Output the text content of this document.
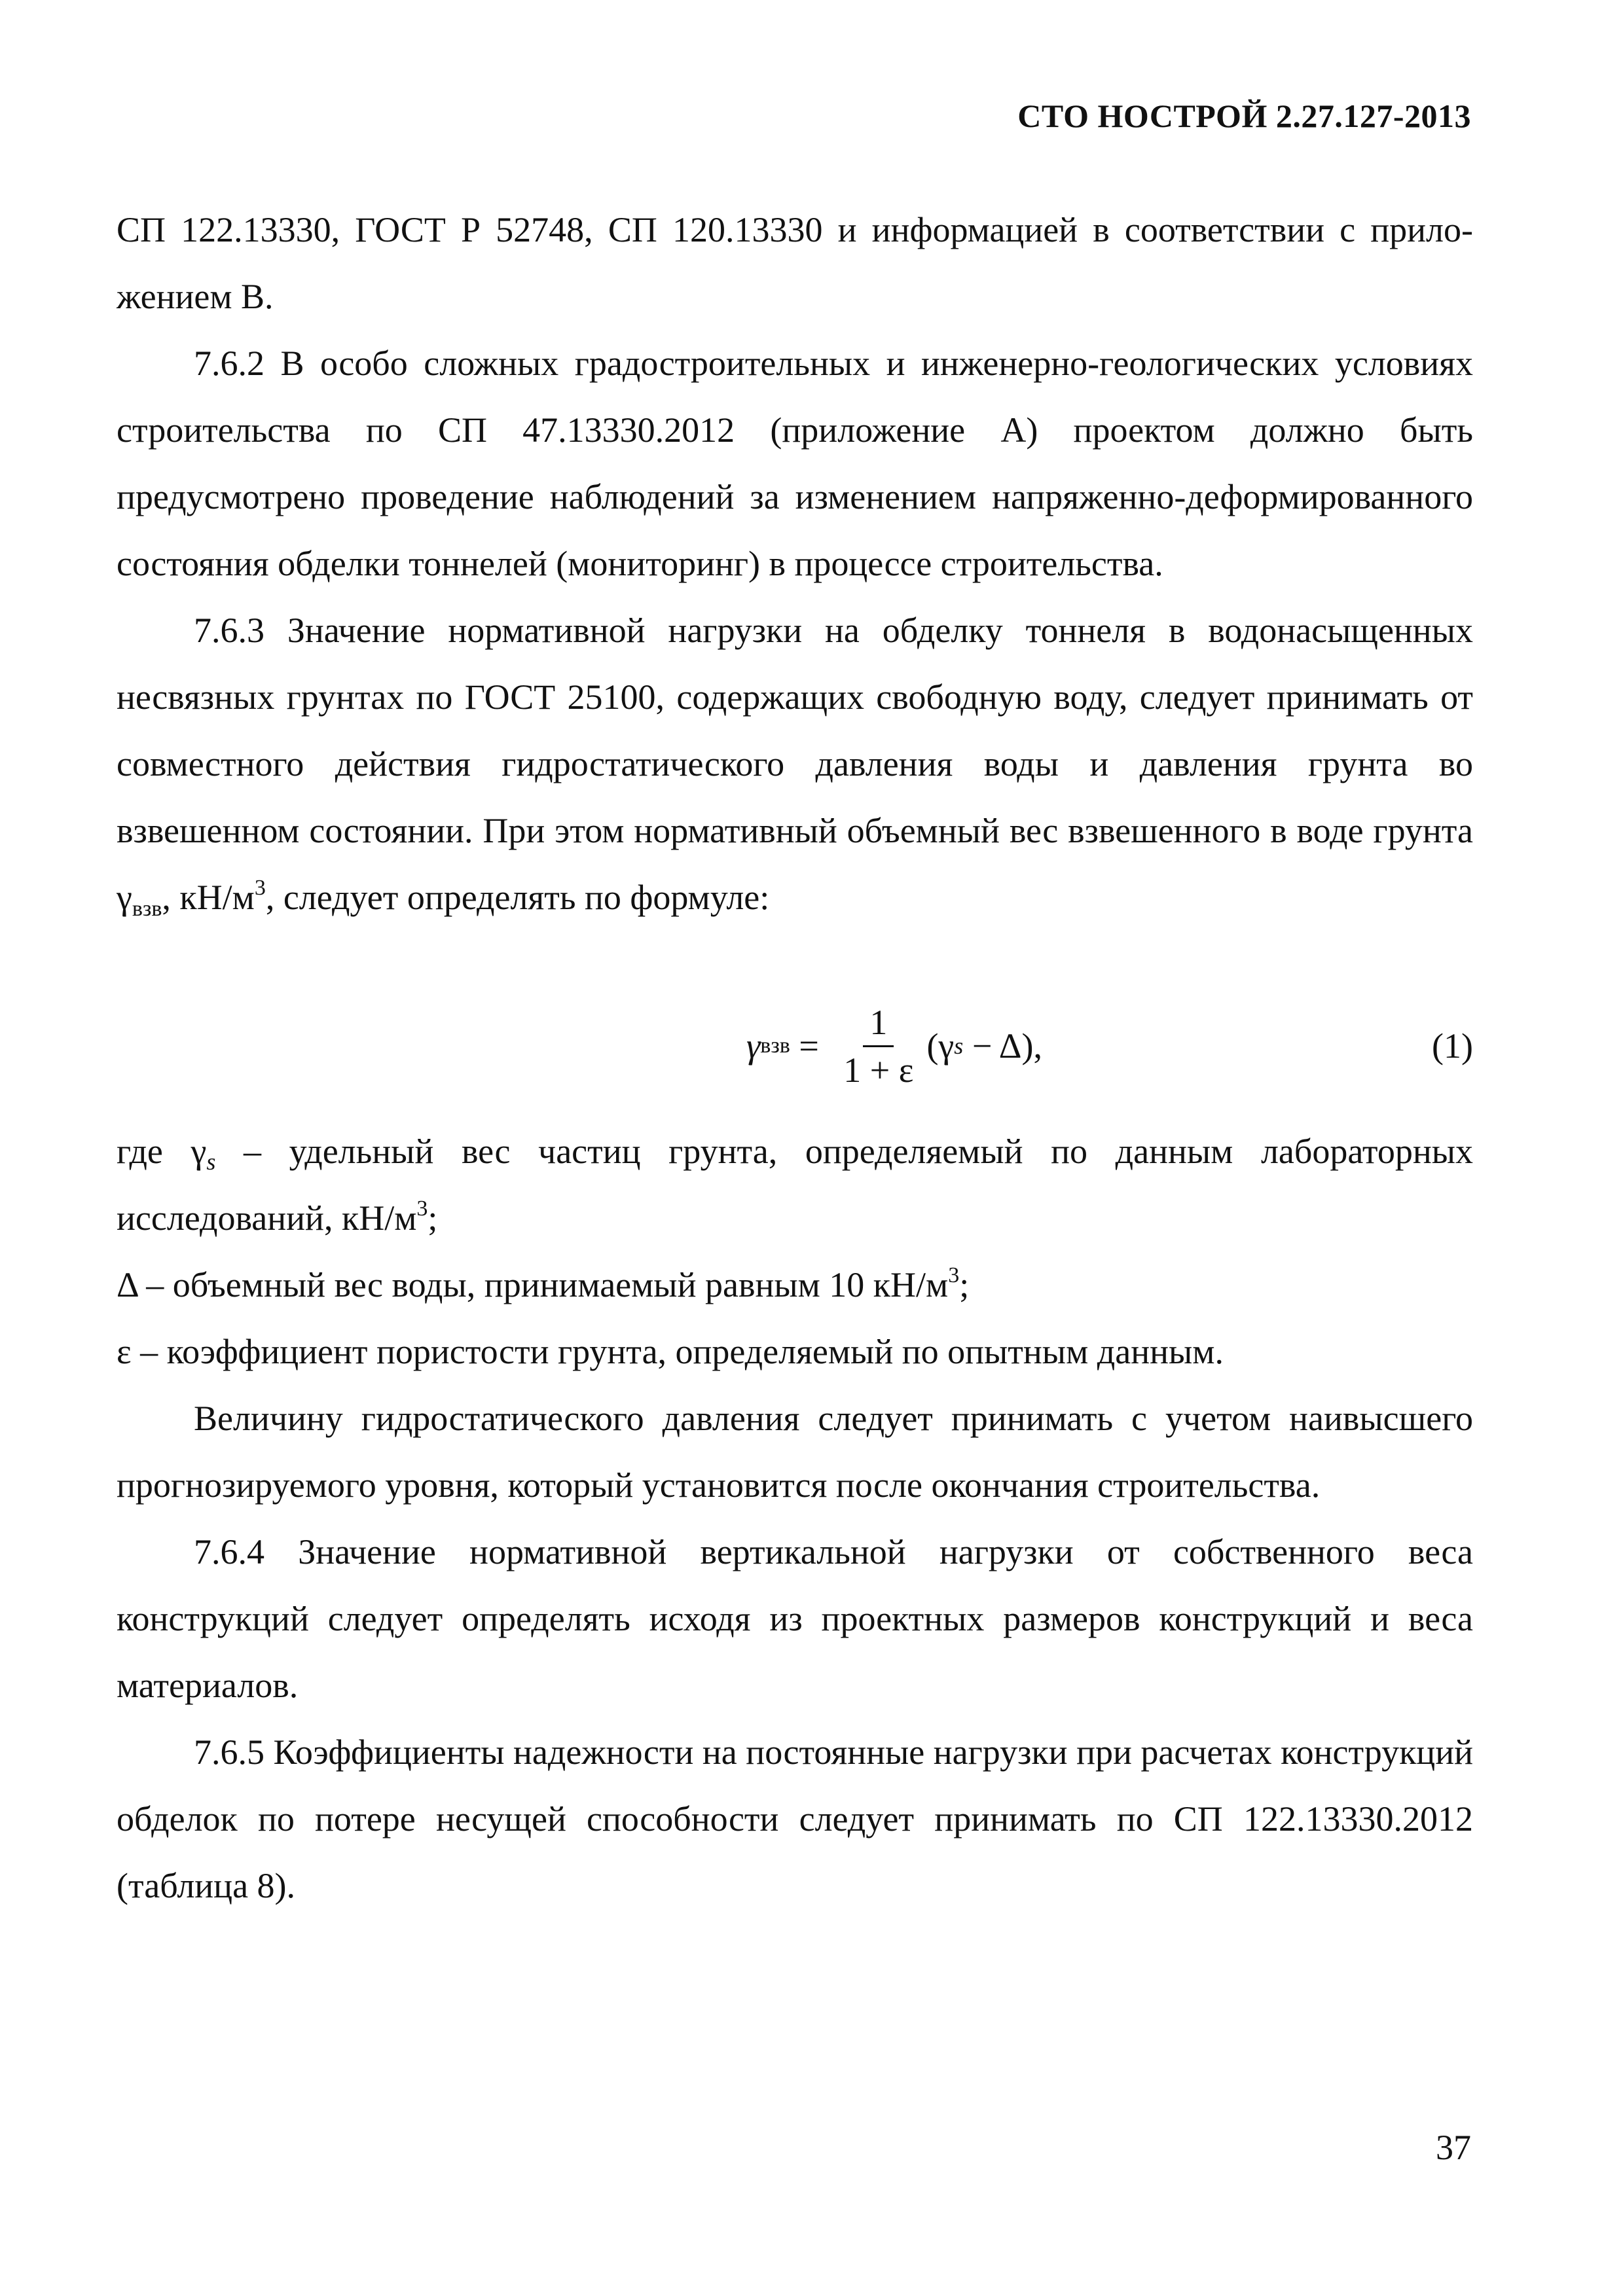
СТО НОСТРОЙ 2.27.127-2013

СП 122.13330, ГОСТ Р 52748, СП 120.13330 и информацией в соответствии с прило-

жением В.

7.6.2 В особо сложных градостроительных и инженерно-геологических условиях строительства по СП 47.13330.2012 (приложение А) проектом должно быть предусмотрено проведение наблюдений за изменением напряженно-деформированного состояния обделки тоннелей (мониторинг) в процессе строительства.

7.6.3 Значение нормативной нагрузки на обделку тоннеля в водонасыщенных несвязных грунтах по ГОСТ 25100, содержащих свободную воду, следует принимать от совместного действия гидростатического давления воды и давления грунта во взвешенном состоянии. При этом нормативный объемный вес взвешенного в воде грунта $\gamma_{взв}$, $кН/м^3$, следует определять по формуле:

γ взв = $\frac{1}{1 + \varepsilon} (\gamma$ s − Δ),	(1)

где $\gamma_s$ – удельный вес частиц грунта, определяемый по данным лабораторных исследований, $кН/м^3$;

Δ – объемный вес воды, принимаемый равным 10 $кН/м^3$;

ε – коэффициент пористости грунта, определяемый по опытным данным.

Величину гидростатического давления следует принимать с учетом наивысшего прогнозируемого уровня, который установится после окончания строительства.

7.6.4 Значение нормативной вертикальной нагрузки от собственного веса конструкций следует определять исходя из проектных размеров конструкций и веса материалов.

7.6.5 Коэффициенты надежности на постоянные нагрузки при расчетах конструкций обделок по потере несущей способности следует принимать по СП 122.13330.2012 (таблица 8).

37
